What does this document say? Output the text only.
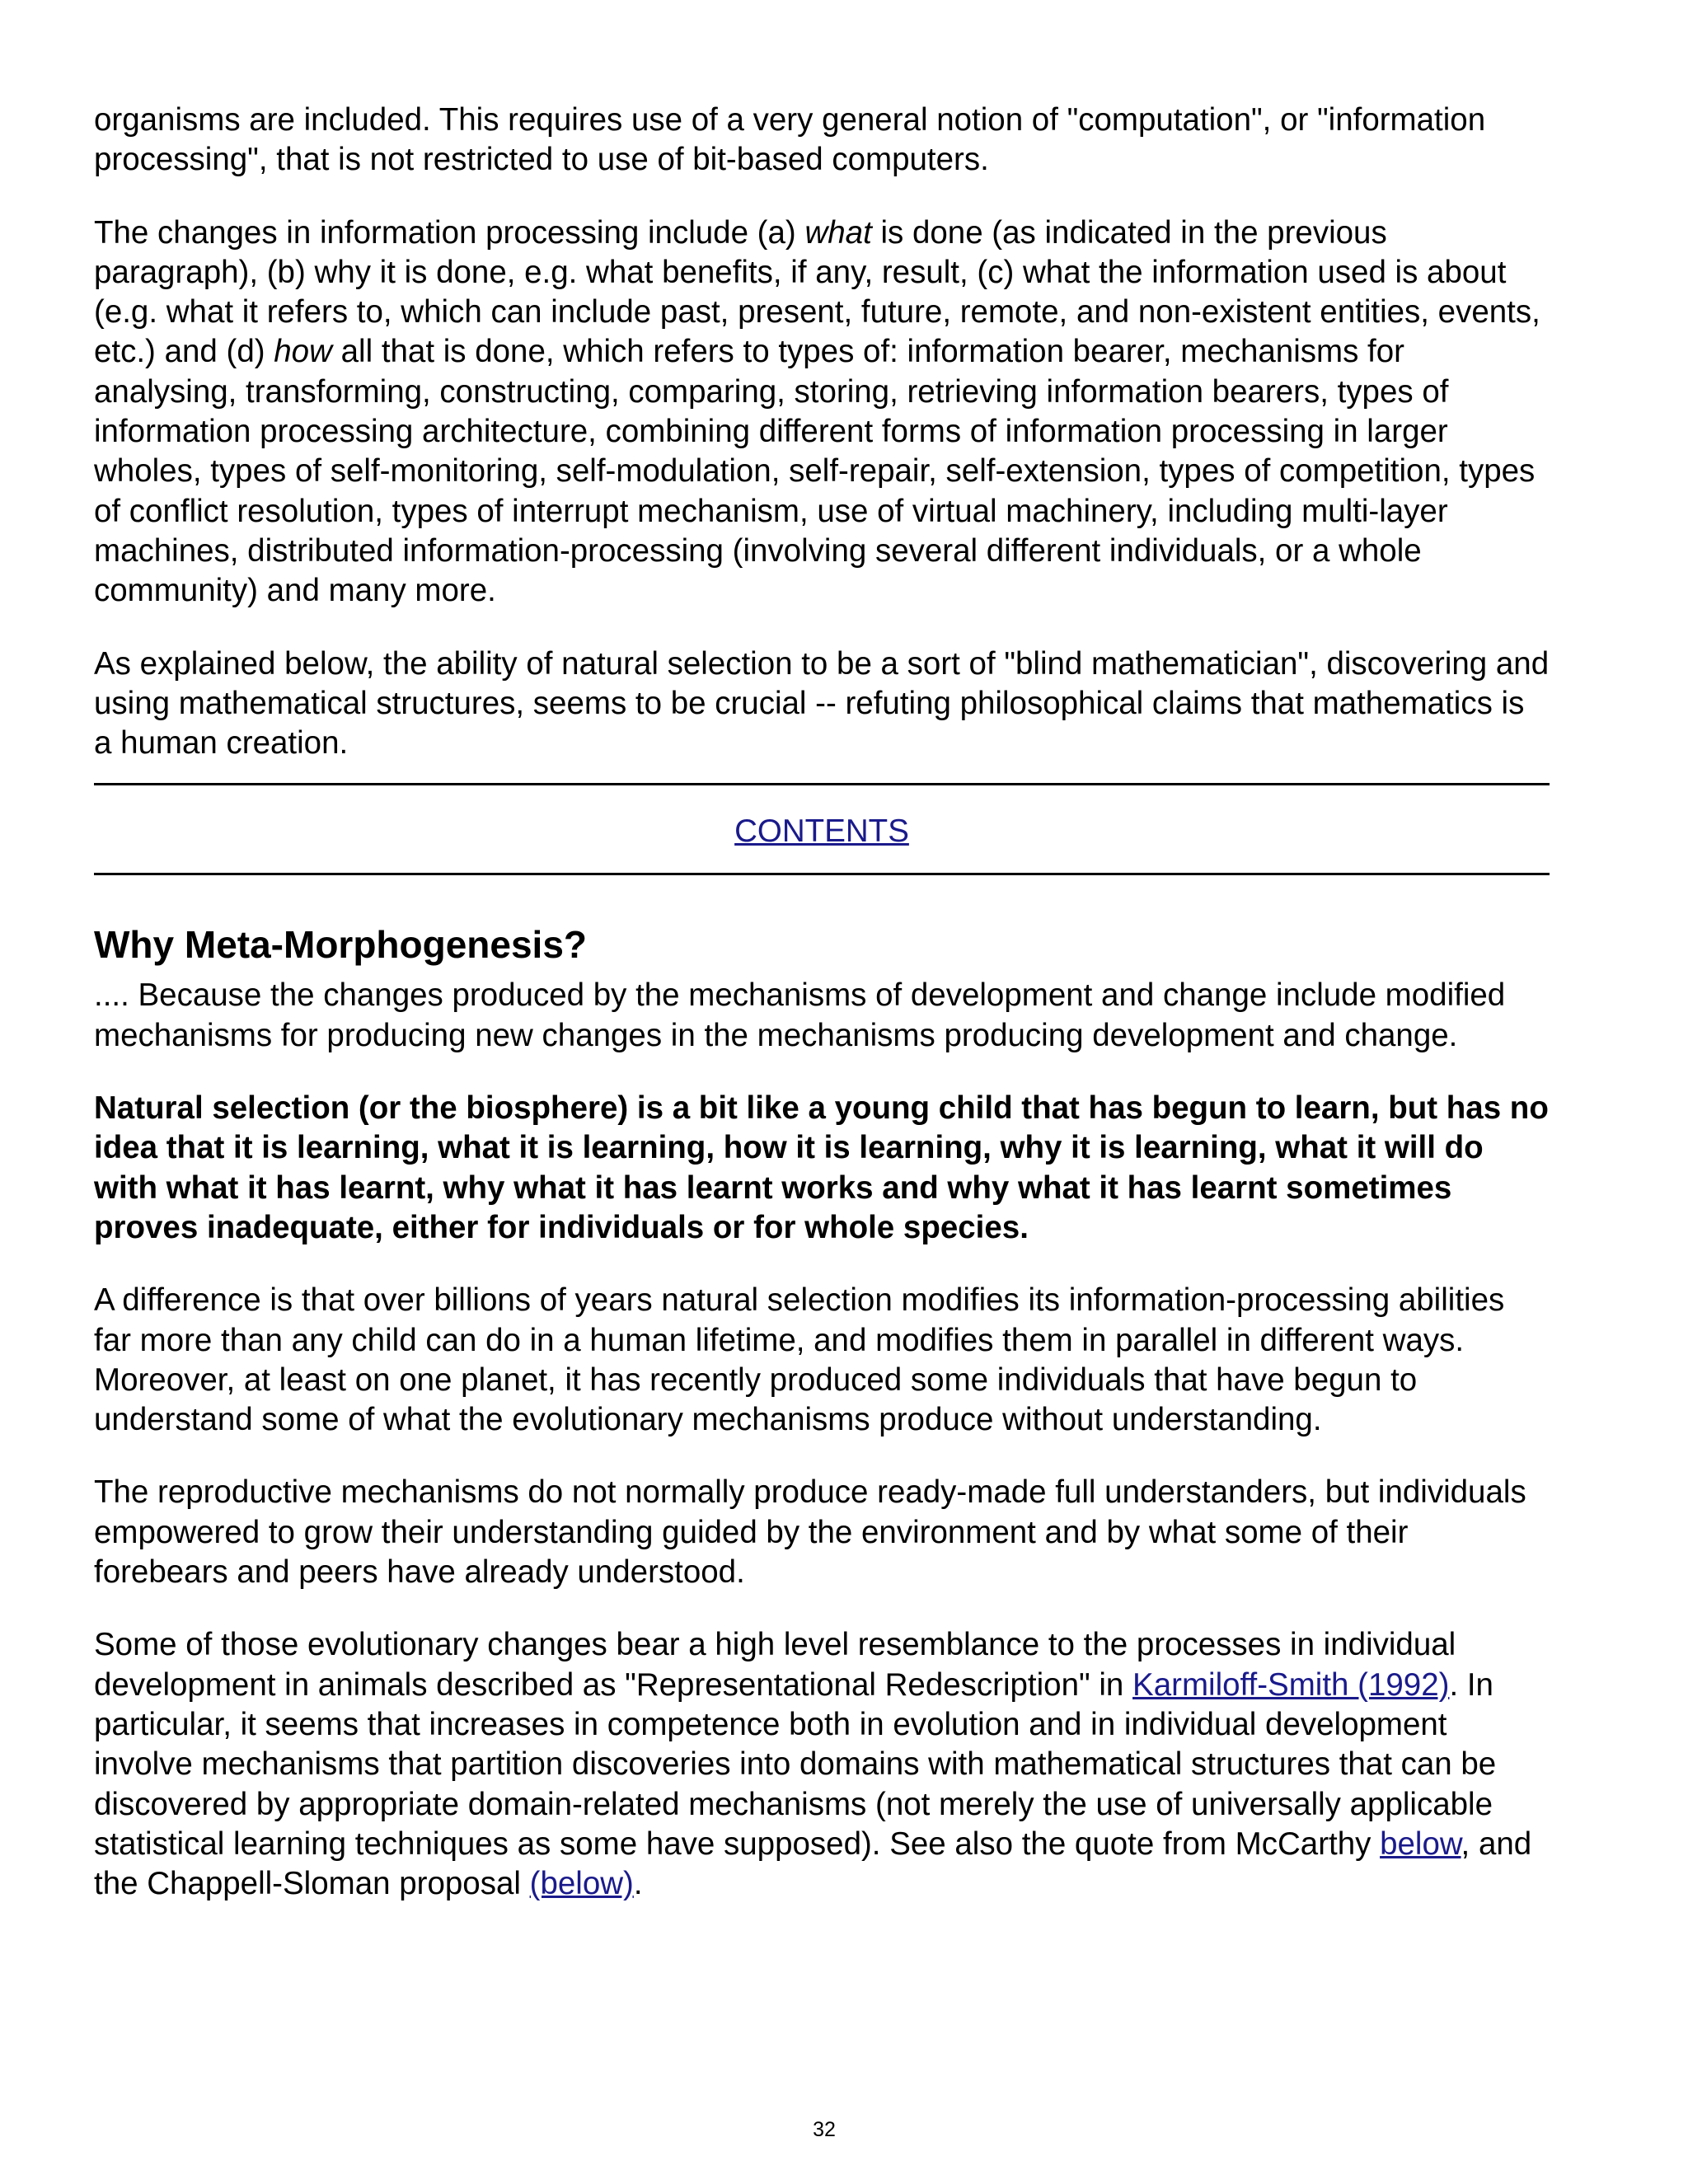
organisms are included. This requires use of a very general notion of "computation", or "information processing", that is not restricted to use of bit-based computers.

The changes in information processing include (a) what is done (as indicated in the previous paragraph), (b) why it is done, e.g. what benefits, if any, result, (c) what the information used is about (e.g. what it refers to, which can include past, present, future, remote, and non-existent entities, events, etc.) and (d) how all that is done, which refers to types of: information bearer, mechanisms for analysing, transforming, constructing, comparing, storing, retrieving information bearers, types of information processing architecture, combining different forms of information processing in larger wholes, types of self-monitoring, self-modulation, self-repair, self-extension, types of competition, types of conflict resolution, types of interrupt mechanism, use of virtual machinery, including multi-layer machines, distributed information-processing (involving several different individuals, or a whole community) and many more.

As explained below, the ability of natural selection to be a sort of "blind mathematician", discovering and using mathematical structures, seems to be crucial -- refuting philosophical claims that mathematics is a human creation.

CONTENTS
Why Meta-Morphogenesis?

.... Because the changes produced by the mechanisms of development and change include modified mechanisms for producing new changes in the mechanisms producing development and change.

Natural selection (or the biosphere) is a bit like a young child that has begun to learn, but has no idea that it is learning, what it is learning, how it is learning, why it is learning, what it will do with what it has learnt, why what it has learnt works and why what it has learnt sometimes proves inadequate, either for individuals or for whole species.

A difference is that over billions of years natural selection modifies its information-processing abilities far more than any child can do in a human lifetime, and modifies them in parallel in different ways. Moreover, at least on one planet, it has recently produced some individuals that have begun to understand some of what the evolutionary mechanisms produce without understanding.

The reproductive mechanisms do not normally produce ready-made full understanders, but individuals empowered to grow their understanding guided by the environment and by what some of their forebears and peers have already understood.

Some of those evolutionary changes bear a high level resemblance to the processes in individual development in animals described as "Representational Redescription" in Karmiloff-Smith (1992). In particular, it seems that increases in competence both in evolution and in individual development involve mechanisms that partition discoveries into domains with mathematical structures that can be discovered by appropriate domain-related mechanisms (not merely the use of universally applicable statistical learning techniques as some have supposed). See also the quote from McCarthy below, and the Chappell-Sloman proposal (below).

32
